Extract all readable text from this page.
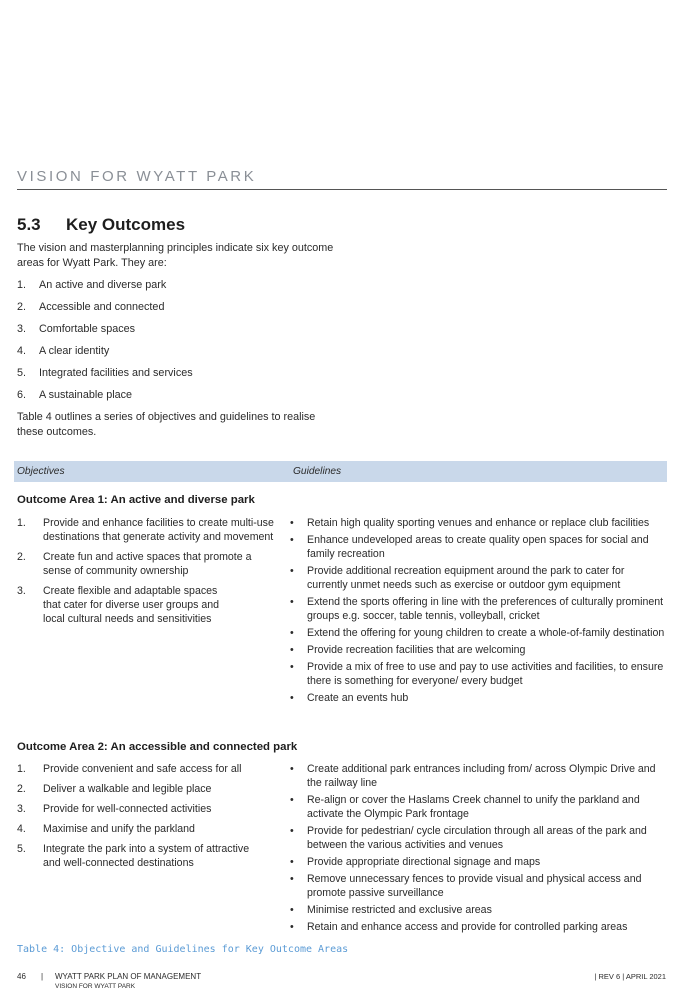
VISION FOR WYATT PARK
5.3	Key Outcomes

The vision and masterplanning principles indicate six key outcome areas for Wyatt Park. They are:

1.	An active and diverse park
2.	Accessible and connected
3.	Comfortable spaces
4.	A clear identity
5.	Integrated facilities and services
6.	A sustainable place

Table 4 outlines a series of objectives and guidelines to realise these outcomes.

Objectives	Guidelines
Outcome Area 1: An active and diverse park
1.	Provide and enhance facilities to create multi-use destinations that generate activity and movement
2.	Create fun and active spaces that promote a sense of community ownership
3.	Create flexible and adaptable spaces that cater for diverse user groups and local cultural needs and sensitivities
•	Retain high quality sporting venues and enhance or replace club facilities
•	Enhance undeveloped areas to create quality open spaces for social and family recreation
•	Provide additional recreation equipment around the park to cater for currently unmet needs such as exercise or outdoor gym equipment
•	Extend the sports offering in line with the preferences of culturally prominent groups e.g. soccer, table tennis, volleyball, cricket
•	Extend the offering for young children to create a whole-of-family destination
•	Provide recreation facilities that are welcoming
•	Provide a mix of free to use and pay to use activities and facilities, to ensure there is something for everyone/ every budget
•	Create an events hub
Outcome Area 2: An accessible and connected park
1.	Provide convenient and safe access for all
2.	Deliver a walkable and legible place
3.	Provide for well-connected activities
4.	Maximise and unify the parkland
5.	Integrate the park into a system of attractive and well-connected destinations
•	Create additional park entrances including from/ across Olympic Drive and the railway line
•	Re-align or cover the Haslams Creek channel to unify the parkland and activate the Olympic Park frontage
•	Provide for pedestrian/ cycle circulation through all areas of the park and between the various activities and venues
•	Provide appropriate directional signage and maps
•	Remove unnecessary fences to provide visual and physical access and promote passive surveillance
•	Minimise restricted and exclusive areas
•	Retain and enhance access and provide for controlled parking areas
Table 4: Objective and Guidelines for Key Outcome Areas
46	|	WYATT PARK PLAN OF MANAGEMENT
VISION FOR WYATT PARK
| REV 6 | APRIL 2021
